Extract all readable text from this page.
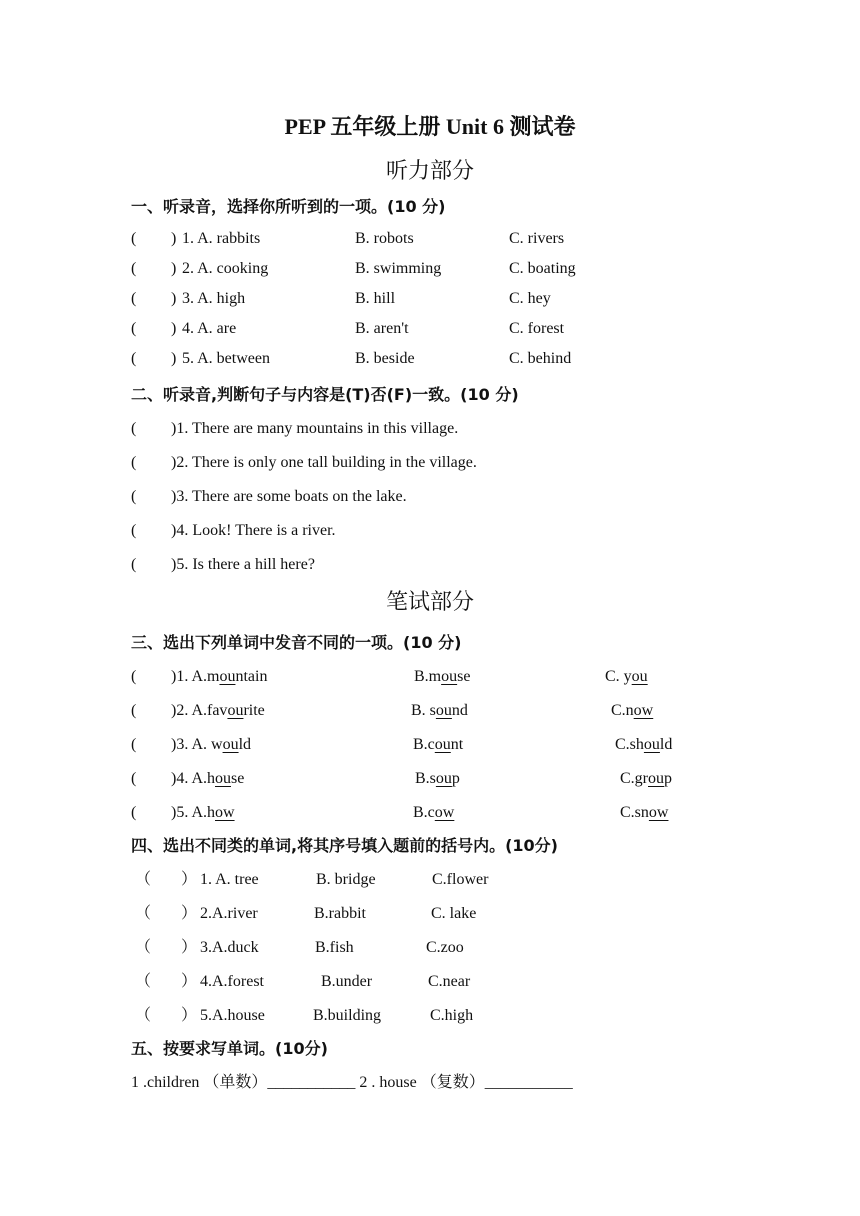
PEP 五年级上册 Unit 6 测试卷
听力部分
一、听录音，选择你所听到的一项。(10 分)
( ) 1. A. rabbits	B. robots	C. rivers
( ) 2. A. cooking	B. swimming	C. boating
( ) 3. A. high	B. hill	C. hey
( ) 4. A. are	B. aren't	C. forest
( ) 5. A. between	B. beside	C. behind
二、听录音,判断句子与内容是(T)否(F)一致。(10 分)
( )1. There are many mountains in this village.
( )2. There is only one tall building in the village.
( )3. There are some boats on the lake.
( )4. Look! There is a river.
( )5. Is there a hill here?
笔试部分
三、选出下列单词中发音不同的一项。(10 分)
( )1. A.mountain	B.mouse	C. you
( )2. A.favourite	B. sound	C.now
( )3. A. would	B.count	C.should
( )4. A.house	B.soup	C.group
( )5. A.how	B.cow	C.snow
四、选出不同类的单词,将其序号填入题前的括号内。(10分)
（ ） 1. A. tree	B. bridge	C.flower
（ ） 2.A.river	B.rabbit	C. lake
（ ） 3.A.duck	B.fish	C.zoo
（ ） 4.A.forest	B.under	C.near
（ ） 5.A.house	B.building	C.high
五、按要求写单词。(10分)
1 .children （单数）___________ 2 . house （复数）___________
